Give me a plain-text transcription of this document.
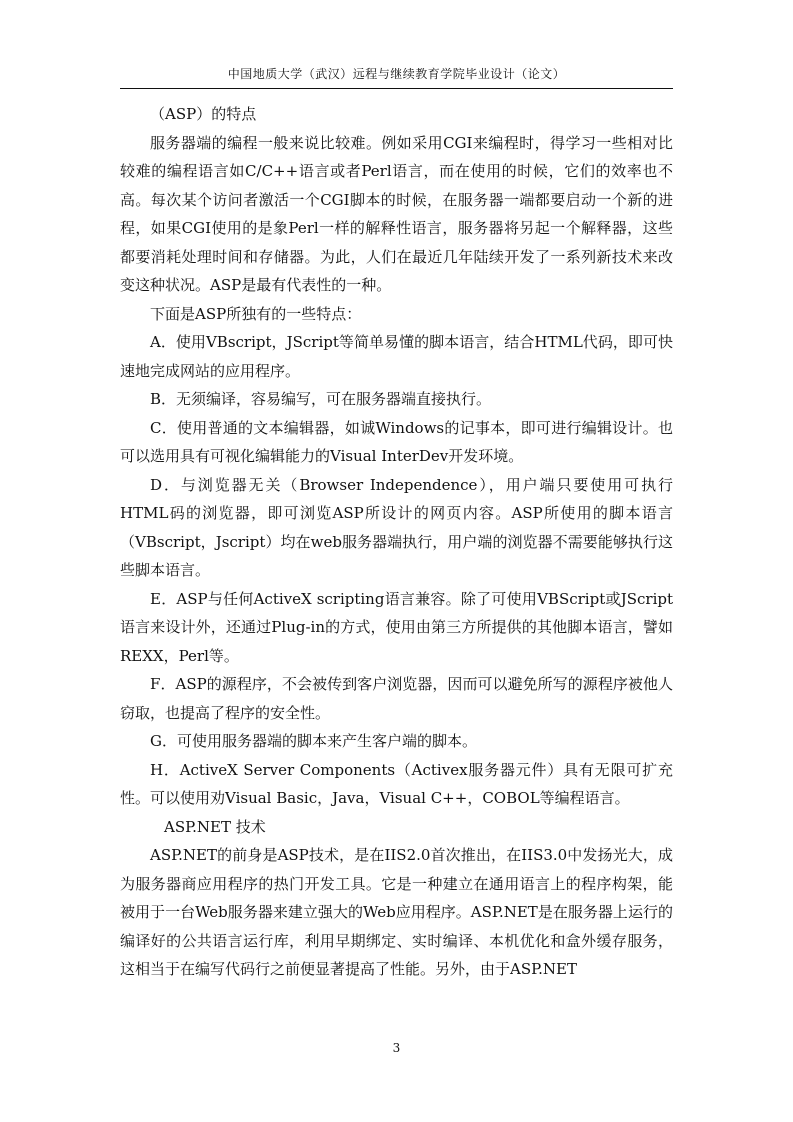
中国地质大学（武汉）远程与继续教育学院毕业设计（论文）

（ASP）的特点

服务器端的编程一般来说比较难。例如采用CGI来编程时，得学习一些相对比较难的编程语言如C/C++语言或者Perl语言，而在使用的时候，它们的效率也不高。每次某个访问者激活一个CGI脚本的时候，在服务器一端都要启动一个新的进程，如果CGI使用的是象Perl一样的解释性语言，服务器将另起一个解释器，这些都要消耗处理时间和存储器。为此，人们在最近几年陆续开发了一系列新技术来改变这种状况。ASP是最有代表性的一种。

下面是ASP所独有的一些特点：

A．使用VBscript，JScript等简单易懂的脚本语言，结合HTML代码，即可快速地完成网站的应用程序。

B．无须编译，容易编写，可在服务器端直接执行。

C．使用普通的文本编辑器，如诚Windows的记事本，即可进行编辑设计。也可以选用具有可视化编辑能力的Visual InterDev开发环境。

D．与浏览器无关（Browser Independence），用户端只要使用可执行HTML码的浏览器，即可浏览ASP所设计的网页内容。ASP所使用的脚本语言（VBscript，Jscript）均在web服务器端执行，用户端的浏览器不需要能够执行这些脚本语言。

E．ASP与任何ActiveX scripting语言兼容。除了可使用VBScript或JScript语言来设计外，还通过Plug-in的方式，使用由第三方所提供的其他脚本语言，譬如REXX，Perl等。

F．ASP的源程序，不会被传到客户浏览器，因而可以避免所写的源程序被他人窃取，也提高了程序的安全性。

G．可使用服务器端的脚本来产生客户端的脚本。

H．ActiveX Server Components（Activex服务器元件）具有无限可扩充性。可以使用劝Visual Basic，Java，Visual C++，COBOL等编程语言。

ASP.NET 技术

ASP.NET的前身是ASP技术，是在IIS2.0首次推出，在IIS3.0中发扬光大，成为服务器商应用程序的热门开发工具。它是一种建立在通用语言上的程序构架，能被用于一台Web服务器来建立强大的Web应用程序。ASP.NET是在服务器上运行的编译好的公共语言运行库，利用早期绑定、实时编译、本机优化和盒外缓存服务，这相当于在编写代码行之前便显著提高了性能。另外，由于ASP.NET

3
